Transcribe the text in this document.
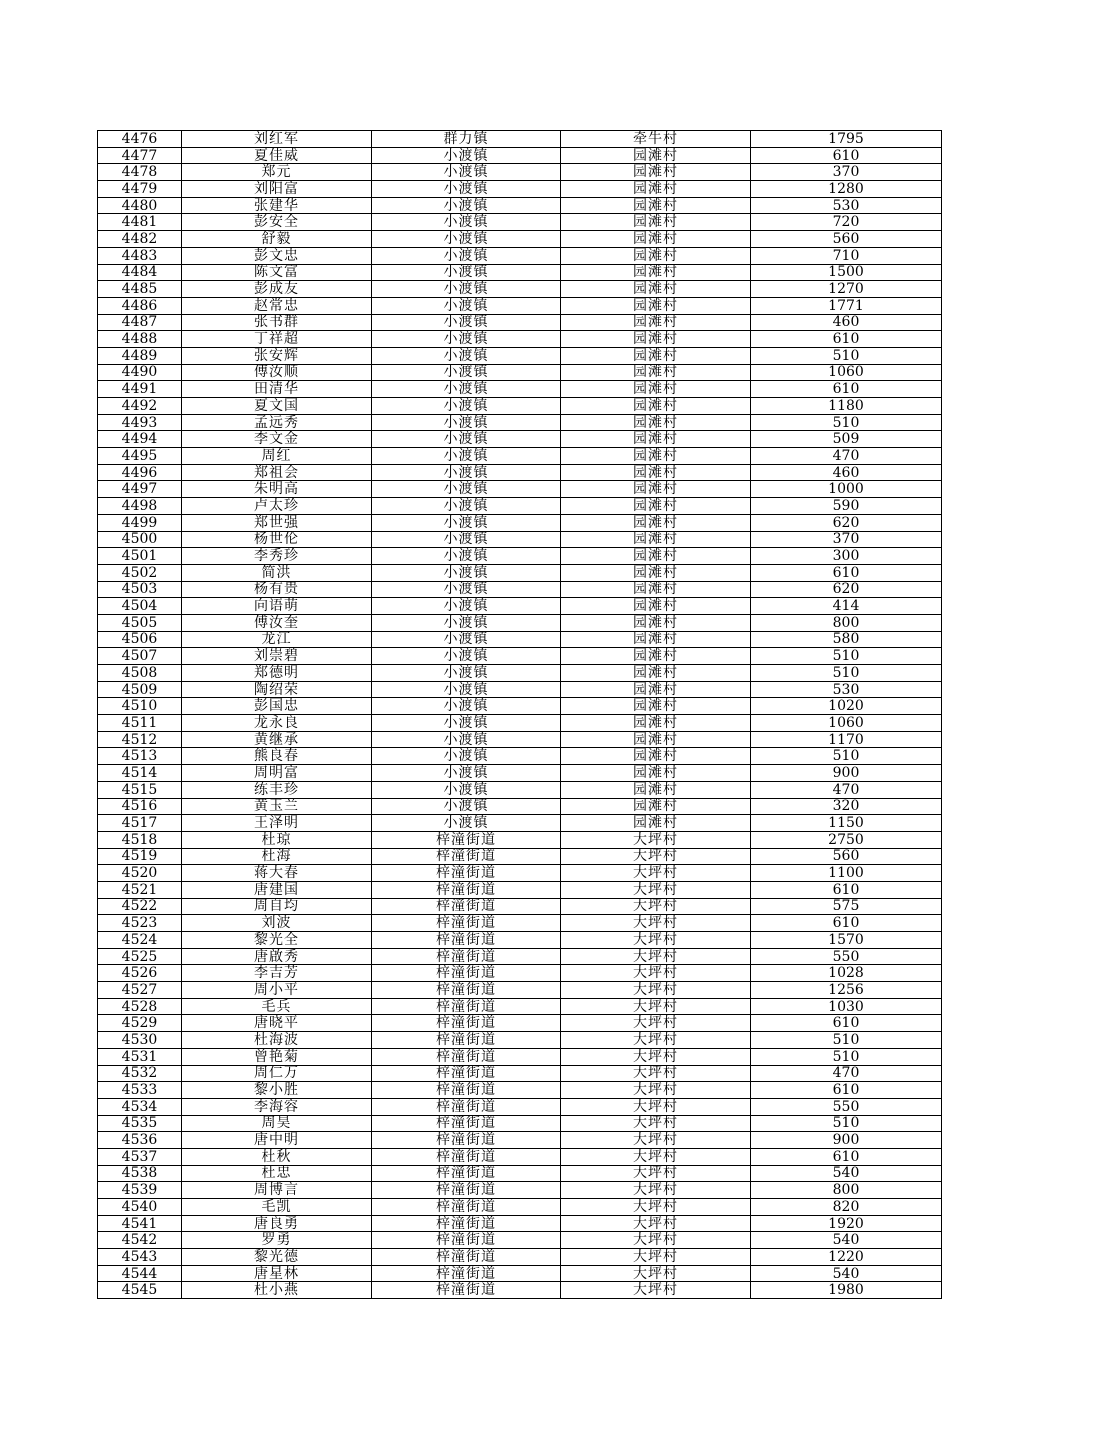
4476	刘红军	群力镇	牵牛村	1795
4477	夏佳威	小渡镇	园滩村	610
4478	郑元	小渡镇	园滩村	370
4479	刘阳富	小渡镇	园滩村	1280
4480	张建华	小渡镇	园滩村	530
4481	彭安全	小渡镇	园滩村	720
4482	舒毅	小渡镇	园滩村	560
4483	彭文忠	小渡镇	园滩村	710
4484	陈文富	小渡镇	园滩村	1500
4485	彭成友	小渡镇	园滩村	1270
4486	赵常忠	小渡镇	园滩村	1771
4487	张书群	小渡镇	园滩村	460
4488	丁祥超	小渡镇	园滩村	610
4489	张安辉	小渡镇	园滩村	510
4490	傅汝顺	小渡镇	园滩村	1060
4491	田清华	小渡镇	园滩村	610
4492	夏文国	小渡镇	园滩村	1180
4493	孟远秀	小渡镇	园滩村	510
4494	李文金	小渡镇	园滩村	509
4495	周红	小渡镇	园滩村	470
4496	郑祖会	小渡镇	园滩村	460
4497	朱明高	小渡镇	园滩村	1000
4498	卢太珍	小渡镇	园滩村	590
4499	郑世强	小渡镇	园滩村	620
4500	杨世伦	小渡镇	园滩村	370
4501	李秀珍	小渡镇	园滩村	300
4502	简洪	小渡镇	园滩村	610
4503	杨有贵	小渡镇	园滩村	620
4504	向语萌	小渡镇	园滩村	414
4505	傅汝奎	小渡镇	园滩村	800
4506	龙江	小渡镇	园滩村	580
4507	刘崇碧	小渡镇	园滩村	510
4508	郑德明	小渡镇	园滩村	510
4509	陶绍荣	小渡镇	园滩村	530
4510	彭国忠	小渡镇	园滩村	1020
4511	龙永良	小渡镇	园滩村	1060
4512	黄继承	小渡镇	园滩村	1170
4513	熊良春	小渡镇	园滩村	510
4514	周明富	小渡镇	园滩村	900
4515	练丰珍	小渡镇	园滩村	470
4516	黄玉兰	小渡镇	园滩村	320
4517	王泽明	小渡镇	园滩村	1150
4518	杜琼	梓潼街道	大坪村	2750
4519	杜海	梓潼街道	大坪村	560
4520	蒋大春	梓潼街道	大坪村	1100
4521	唐建国	梓潼街道	大坪村	610
4522	周自均	梓潼街道	大坪村	575
4523	刘波	梓潼街道	大坪村	610
4524	黎光全	梓潼街道	大坪村	1570
4525	唐啟秀	梓潼街道	大坪村	550
4526	李吉芳	梓潼街道	大坪村	1028
4527	周小平	梓潼街道	大坪村	1256
4528	毛兵	梓潼街道	大坪村	1030
4529	唐晓平	梓潼街道	大坪村	610
4530	杜海波	梓潼街道	大坪村	510
4531	曾艳菊	梓潼街道	大坪村	510
4532	周仁万	梓潼街道	大坪村	470
4533	黎小胜	梓潼街道	大坪村	610
4534	李海容	梓潼街道	大坪村	550
4535	周昊	梓潼街道	大坪村	510
4536	唐中明	梓潼街道	大坪村	900
4537	杜秋	梓潼街道	大坪村	610
4538	杜忠	梓潼街道	大坪村	540
4539	周博言	梓潼街道	大坪村	800
4540	毛凯	梓潼街道	大坪村	820
4541	唐良勇	梓潼街道	大坪村	1920
4542	罗勇	梓潼街道	大坪村	540
4543	黎光德	梓潼街道	大坪村	1220
4544	唐星林	梓潼街道	大坪村	540
4545	杜小燕	梓潼街道	大坪村	1980
